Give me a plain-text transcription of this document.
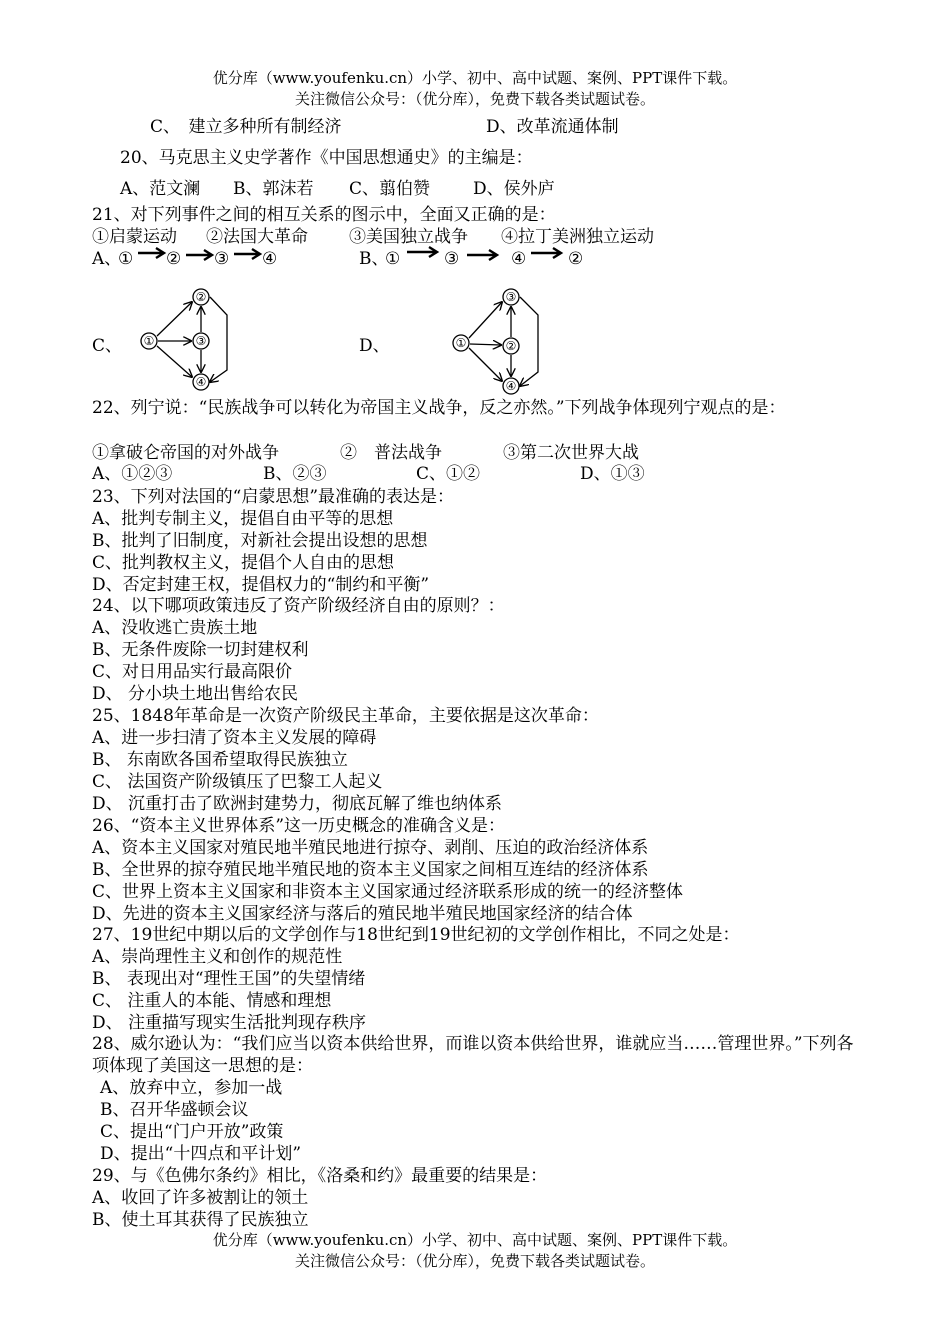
优分库（www.youfenku.cn）小学、初中、高中试题、案例、PPT课件下载。
关注微信公众号：（优分库），免费下载各类试题试卷。
C、　建立多种所有制经济	D、改革流通体制
20、马克思主义史学著作《中国思想通史》的主编是：
A、范文澜 B、郭沫若 C、翦伯赞	D、侯外庐
21、对下列事件之间的相互关系的图示中，全面又正确的是：
①启蒙运动 ②法国大革命 ③美国独立战争 ④拉丁美洲独立运动
A、
① ② ③ ④	B、
①	③	④ ②
C、 ①
②
③
④
D、	①
③
②
④
22、列宁说：“民族战争可以转化为帝国主义战争，反之亦然。”下列战争体现列宁观点的是：
①拿破仑帝国的对外战争	②　普法战争	③第二次世界大战
A、①②③	B、②③	C、①②	D、①③
23、下列对法国的“启蒙思想”最准确的表达是：
A、批判专制主义，提倡自由平等的思想
B、批判了旧制度，对新社会提出设想的思想
C、批判教权主义，提倡个人自由的思想
D、否定封建王权，提倡权力的“制约和平衡”
24、以下哪项政策违反了资产阶级经济自由的原则？：
A、没收逃亡贵族土地
B、无条件废除一切封建权利
C、对日用品实行最高限价
D、 分小块土地出售给农民
25、1848年革命是一次资产阶级民主革命，主要依据是这次革命：
A、进一步扫清了资本主义发展的障碍
B、 东南欧各国希望取得民族独立
C、 法国资产阶级镇压了巴黎工人起义
D、 沉重打击了欧洲封建势力，彻底瓦解了维也纳体系
26、“资本主义世界体系”这一历史概念的准确含义是：
A、资本主义国家对殖民地半殖民地进行掠夺、剥削、压迫的政治经济体系
B、全世界的掠夺殖民地半殖民地的资本主义国家之间相互连结的经济体系
C、世界上资本主义国家和非资本主义国家通过经济联系形成的统一的经济整体
D、先进的资本主义国家经济与落后的殖民地半殖民地国家经济的结合体
27、19世纪中期以后的文学创作与18世纪到19世纪初的文学创作相比，不同之处是：
A、崇尚理性主义和创作的规范性
B、 表现出对“理性王国”的失望情绪
C、 注重人的本能、情感和理想
D、 注重描写现实生活批判现存秩序
28、威尔逊认为：“我们应当以资本供给世界，而谁以资本供给世界，谁就应当……管理世界。”下列各项体现了美国这一思想的是：
A、放弃中立，参加一战
B、召开华盛顿会议
C、提出“门户开放”政策
D、提出“十四点和平计划”
29、与《色佛尔条约》相比，《洛桑和约》最重要的结果是：
A、收回了许多被割让的领土
B、使土耳其获得了民族独立
优分库（www.youfenku.cn）小学、初中、高中试题、案例、PPT课件下载。
关注微信公众号：（优分库），免费下载各类试题试卷。
